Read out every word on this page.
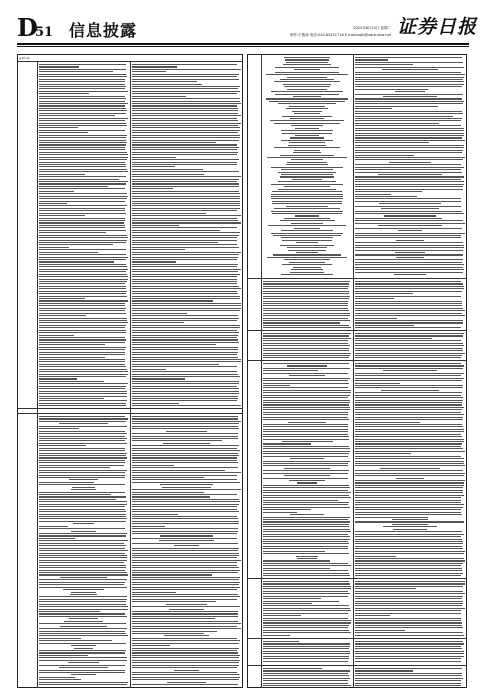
D
51 信息披露	2022年6月14日 星期二
制作:王敬涛 电话:010-83251716 E-mail:zqrb@zqrb.sina.net 证券日报
证券代码:
